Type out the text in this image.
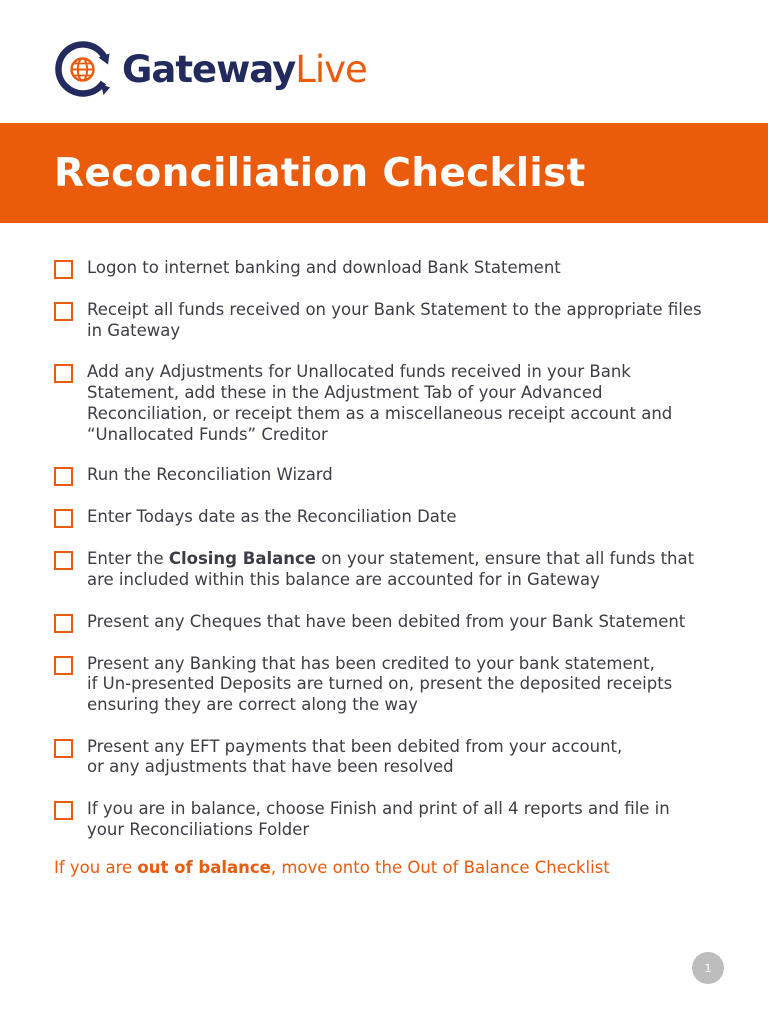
GatewayLive
Reconciliation Checklist
Logon to internet banking and download Bank Statement
Receipt all funds received on your Bank Statement to the appropriate files
in Gateway
Add any Adjustments for Unallocated funds received in your Bank
Statement, add these in the Adjustment Tab of your Advanced
Reconciliation, or receipt them as a miscellaneous receipt account and
“Unallocated Funds” Creditor
Run the Reconciliation Wizard
Enter Todays date as the Reconciliation Date
Enter the Closing Balance on your statement, ensure that all funds that
are included within this balance are accounted for in Gateway
Present any Cheques that have been debited from your Bank Statement
Present any Banking that has been credited to your bank statement,
if Un-presented Deposits are turned on, present the deposited receipts
ensuring they are correct along the way
Present any EFT payments that been debited from your account,
or any adjustments that have been resolved
If you are in balance, choose Finish and print of all 4 reports and file in
your Reconciliations Folder

If you are out of balance, move onto the Out of Balance Checklist

1
